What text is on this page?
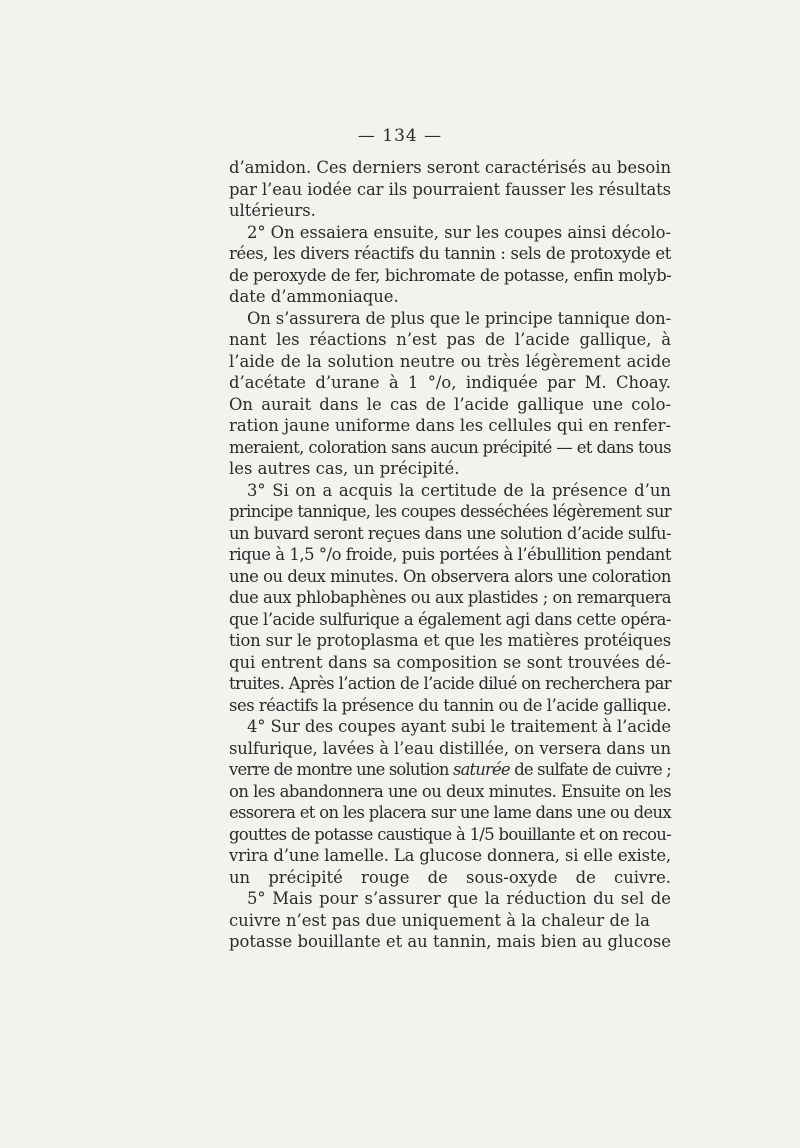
— 134 —
d’amidon. Ces derniers seront caractérisés au besoin
par l’eau iodée car ils pourraient fausser les résultats
ultérieurs.
2° On essaiera ensuite, sur les coupes ainsi décolo-
rées, les divers réactifs du tannin : sels de protoxyde et
de peroxyde de fer, bichromate de potasse, enfin molyb-
date d’ammoniaque.
On s’assurera de plus que le principe tannique don-
nant les réactions n’est pas de l’acide gallique, à
l’aide de la solution neutre ou très légèrement acide
d’acétate d’urane à 1 °/o, indiquée par M. Choay.
On aurait dans le cas de l’acide gallique une colo-
ration jaune uniforme dans les cellules qui en renfer-
meraient, coloration sans aucun précipité — et dans tous
les autres cas, un précipité.
3° Si on a acquis la certitude de la présence d’un
principe tannique, les coupes desséchées légèrement sur
un buvard seront reçues dans une solution d’acide sulfu-
rique à 1,5 °/o froide, puis portées à l’ébullition pendant
une ou deux minutes. On observera alors une coloration
due aux phlobaphènes ou aux plastides ; on remarquera
que l’acide sulfurique a également agi dans cette opéra-
tion sur le protoplasma et que les matières protéiques
qui entrent dans sa composition se sont trouvées dé-
truites. Après l’action de l’acide dilué on recherchera par
ses réactifs la présence du tannin ou de l’acide gallique.
4° Sur des coupes ayant subi le traitement à l’acide
sulfurique, lavées à l’eau distillée, on versera dans un
verre de montre une solution saturée de sulfate de cuivre ;
on les abandonnera une ou deux minutes. Ensuite on les
essorera et on les placera sur une lame dans une ou deux
gouttes de potasse caustique à 1/5 bouillante et on recou-
vrira d’une lamelle. La glucose donnera, si elle existe,
un précipité rouge de sous-oxyde de cuivre.
5° Mais pour s’assurer que la réduction du sel de
cuivre n’est pas due uniquement à la chaleur de la
potasse bouillante et au tannin, mais bien au glucose
